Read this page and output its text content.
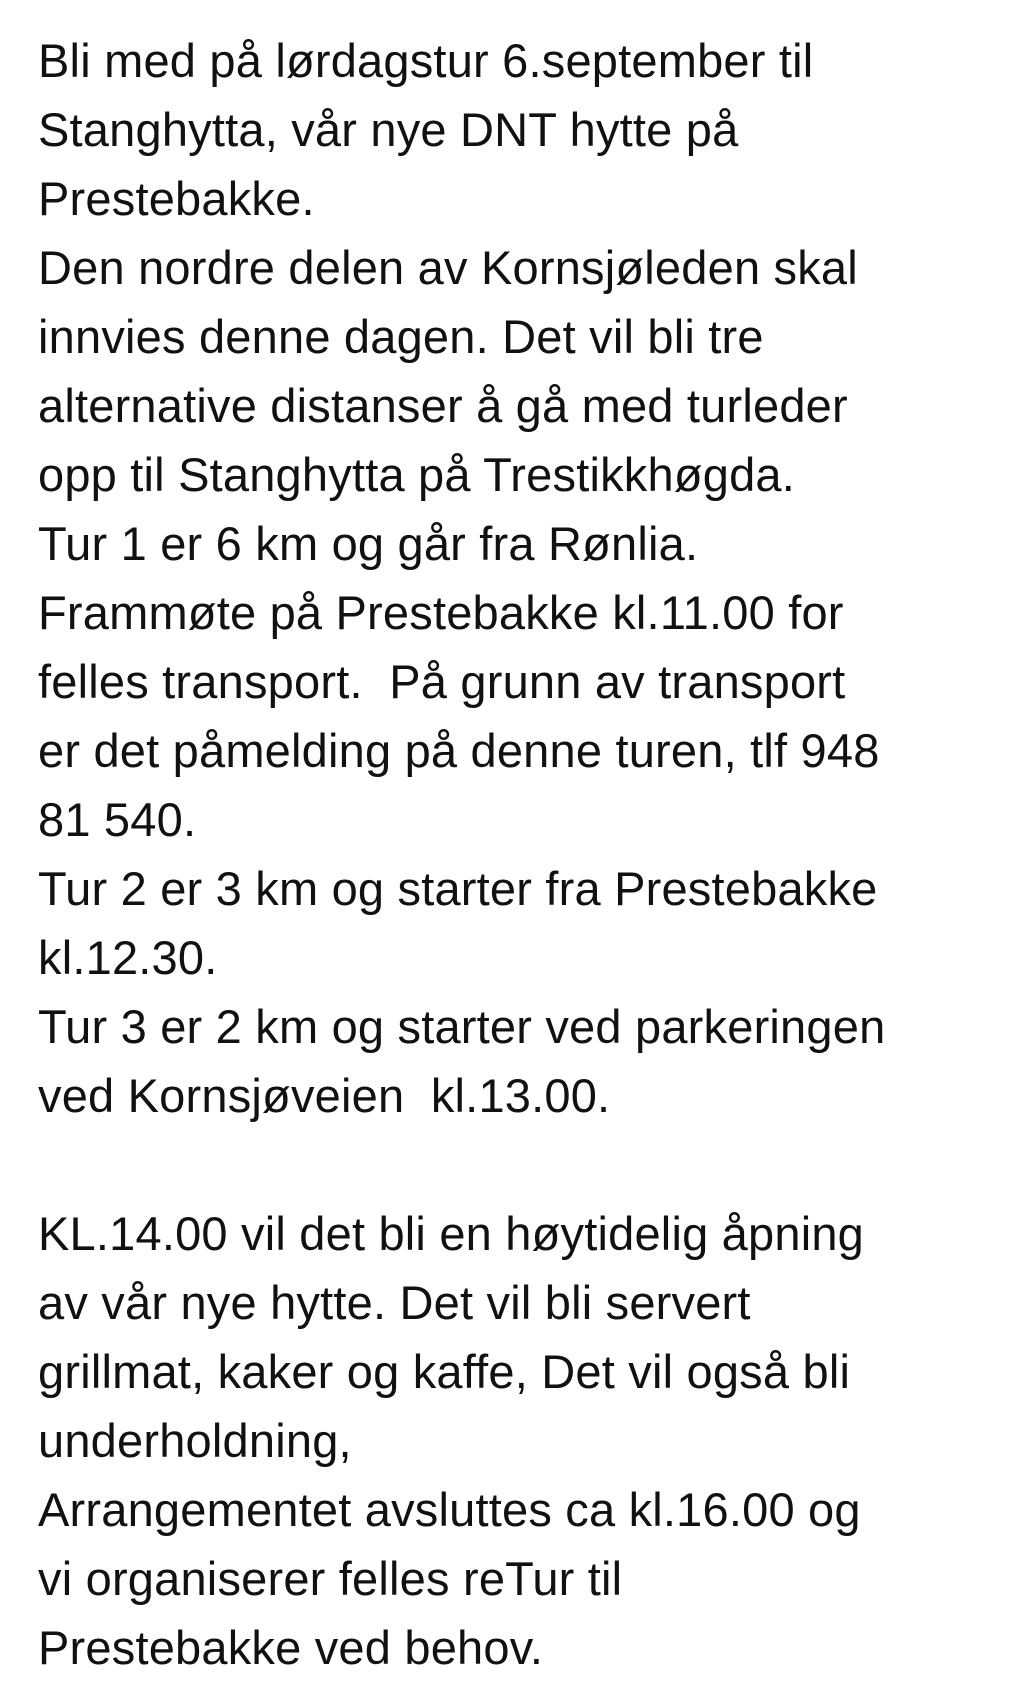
Bli med på lørdagstur 6.september til
Stanghytta, vår nye DNT hytte på
Prestebakke.
Den nordre delen av Kornsjøleden skal
innvies denne dagen. Det vil bli tre
alternative distanser å gå med turleder
opp til Stanghytta på Trestikkhøgda.
Tur 1 er 6 km og går fra Rønlia.
Frammøte på Prestebakke kl.11.00 for
felles transport.  På grunn av transport
er det påmelding på denne turen, tlf 948
81 540.
Tur 2 er 3 km og starter fra Prestebakke
kl.12.30.
Tur 3 er 2 km og starter ved parkeringen
ved Kornsjøveien  kl.13.00.
KL.14.00 vil det bli en høytidelig åpning
av vår nye hytte. Det vil bli servert
grillmat, kaker og kaffe, Det vil også bli
underholdning,
Arrangementet avsluttes ca kl.16.00 og
vi organiserer felles reTur til
Prestebakke ved behov.
